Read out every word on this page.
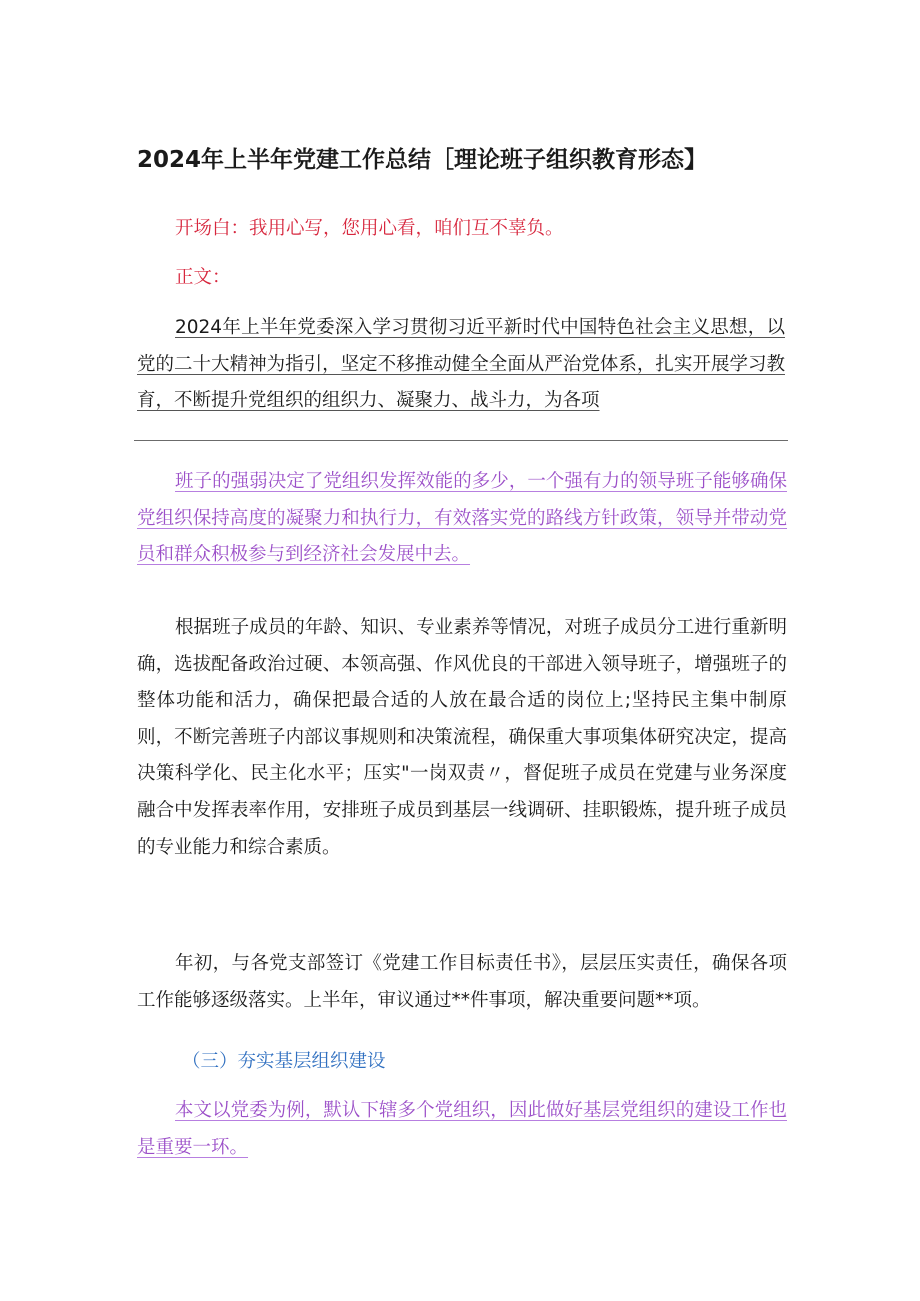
2024年上半年党建工作总结［理论班子组织教育形态】

开场白：我用心写，您用心看，咱们互不辜负。

正文：

2024年上半年党委深入学习贯彻习近平新时代中国特色社会主义思想，以党的二十大精神为指引，坚定不移推动健全全面从严治党体系，扎实开展学习教育，不断提升党组织的组织力、凝聚力、战斗力，为各项

班子的强弱决定了党组织发挥效能的多少，一个强有力的领导班子能够确保党组织保持高度的凝聚力和执行力，有效落实党的路线方针政策，领导并带动党员和群众积极参与到经济社会发展中去。

根据班子成员的年龄、知识、专业素养等情况，对班子成员分工进行重新明确，选拔配备政治过硬、本领高强、作风优良的干部进入领导班子，增强班子的整体功能和活力，确保把最合适的人放在最合适的岗位上;坚持民主集中制原则，不断完善班子内部议事规则和决策流程，确保重大事项集体研究决定，提高决策科学化、民主化水平；压实"一岗双责〃，督促班子成员在党建与业务深度融合中发挥表率作用，安排班子成员到基层一线调研、挂职锻炼，提升班子成员的专业能力和综合素质。

年初，与各党支部签订《党建工作目标责任书》，层层压实责任，确保各项工作能够逐级落实。上半年，审议通过**件事项，解决重要问题**项。

（三）夯实基层组织建设

本文以党委为例，默认下辖多个党组织，因此做好基层党组织的建设工作也是重要一环。
